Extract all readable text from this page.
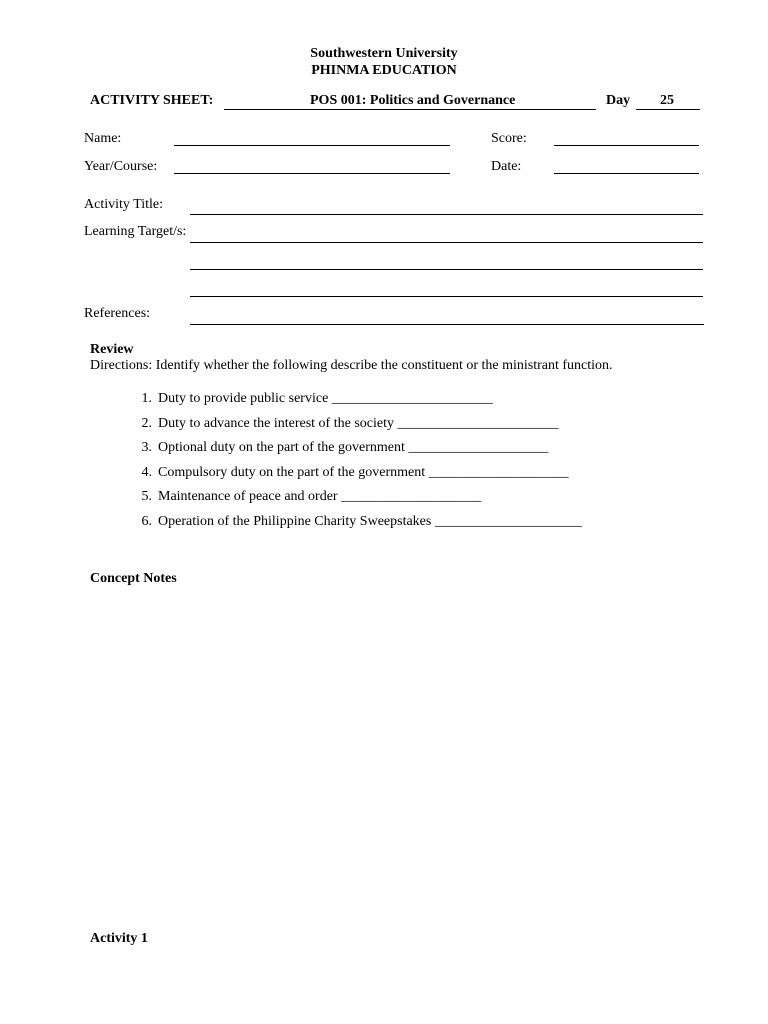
Southwestern University
PHINMA EDUCATION
ACTIVITY SHEET:	POS 001: Politics and Governance	Day 25
Name:	Score:
Year/Course:	Date:
Activity Title:
Learning Target/s:
References:
Review
Directions: Identify whether the following describe the constituent or the ministrant function.
1. Duty to provide public service _______________________
2. Duty to advance the interest of the society _______________________
3. Optional duty on the part of the government ____________________
4. Compulsory duty on the part of the government ____________________
5. Maintenance of peace and order ____________________
6. Operation of the Philippine Charity Sweepstakes _____________________
Concept Notes
Activity 1
